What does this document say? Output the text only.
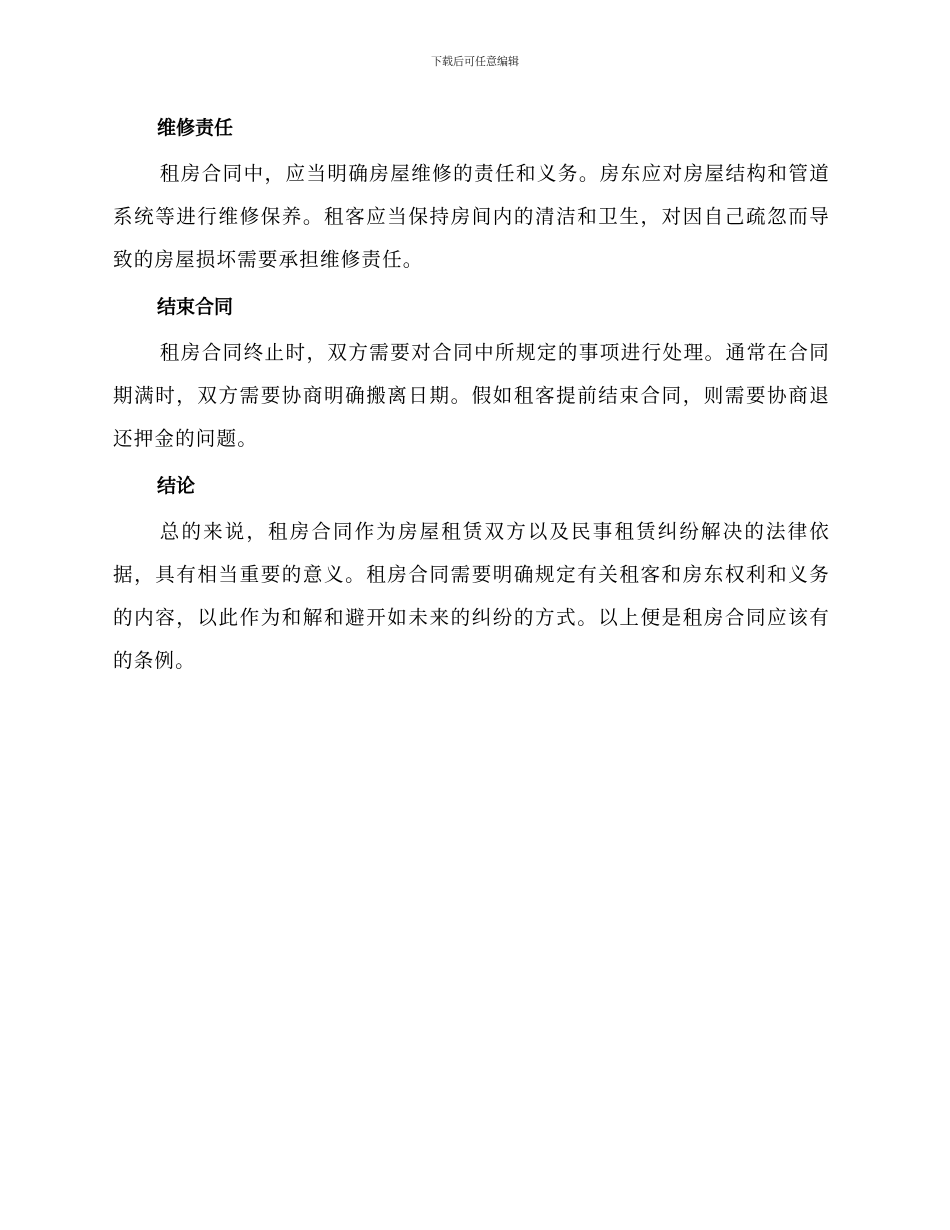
下载后可任意编辑
维修责任

租房合同中，应当明确房屋维修的责任和义务。房东应对房屋结构和管道系统等进行维修保养。租客应当保持房间内的清洁和卫生，对因自己疏忽而导致的房屋损坏需要承担维修责任。

结束合同

租房合同终止时，双方需要对合同中所规定的事项进行处理。通常在合同期满时，双方需要协商明确搬离日期。假如租客提前结束合同，则需要协商退还押金的问题。

结论

总的来说，租房合同作为房屋租赁双方以及民事租赁纠纷解决的法律依据，具有相当重要的意义。租房合同需要明确规定有关租客和房东权利和义务的内容，以此作为和解和避开如未来的纠纷的方式。以上便是租房合同应该有的条例。
